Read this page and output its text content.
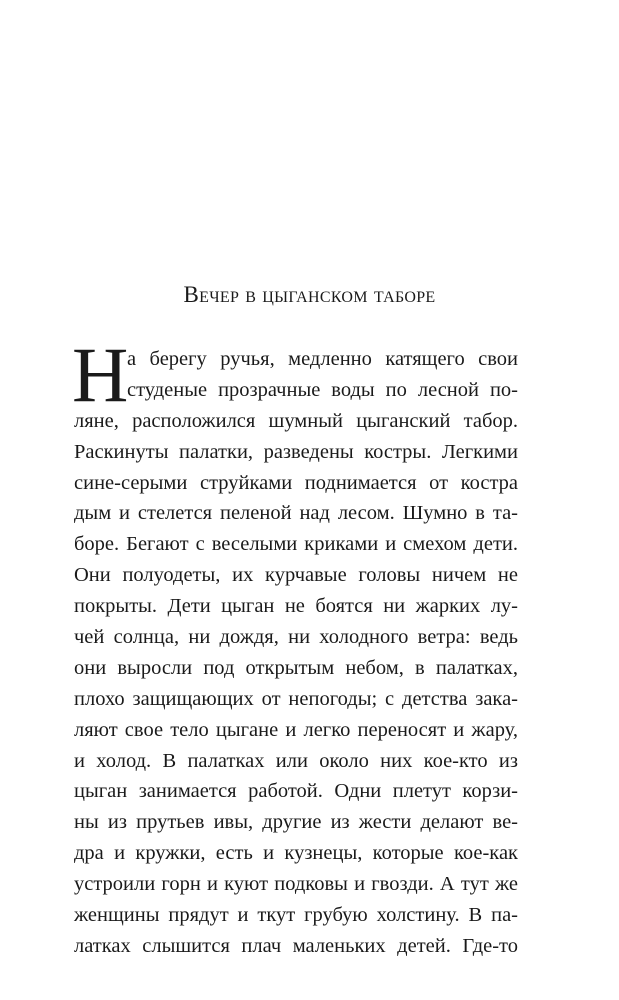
Вечер в цыганском таборе
Н
а берегу ручья, медленно катящего свои
студеные прозрачные воды по лесной по-
ляне, расположился шумный цыганский табор.
Раскинуты палатки, разведены костры. Легкими
сине-серыми струйками поднимается от костра
дым и стелется пеленой над лесом. Шумно в та-
боре. Бегают с веселыми криками и смехом дети.
Они полуодеты, их курчавые головы ничем не
покрыты. Дети цыган не боятся ни жарких лу-
чей солнца, ни дождя, ни холодного ветра: ведь
они выросли под открытым небом, в палатках,
плохо защищающих от непогоды; с детства зака-
ляют свое тело цыгане и легко переносят и жару,
и холод. В палатках или около них кое-кто из
цыган занимается работой. Одни плетут корзи-
ны из прутьев ивы, другие из жести делают ве-
дра и кружки, есть и кузнецы, которые кое-как
устроили горн и куют подковы и гвозди. А тут же
женщины прядут и ткут грубую холстину. В па-
латках слышится плач маленьких детей. Где-то
